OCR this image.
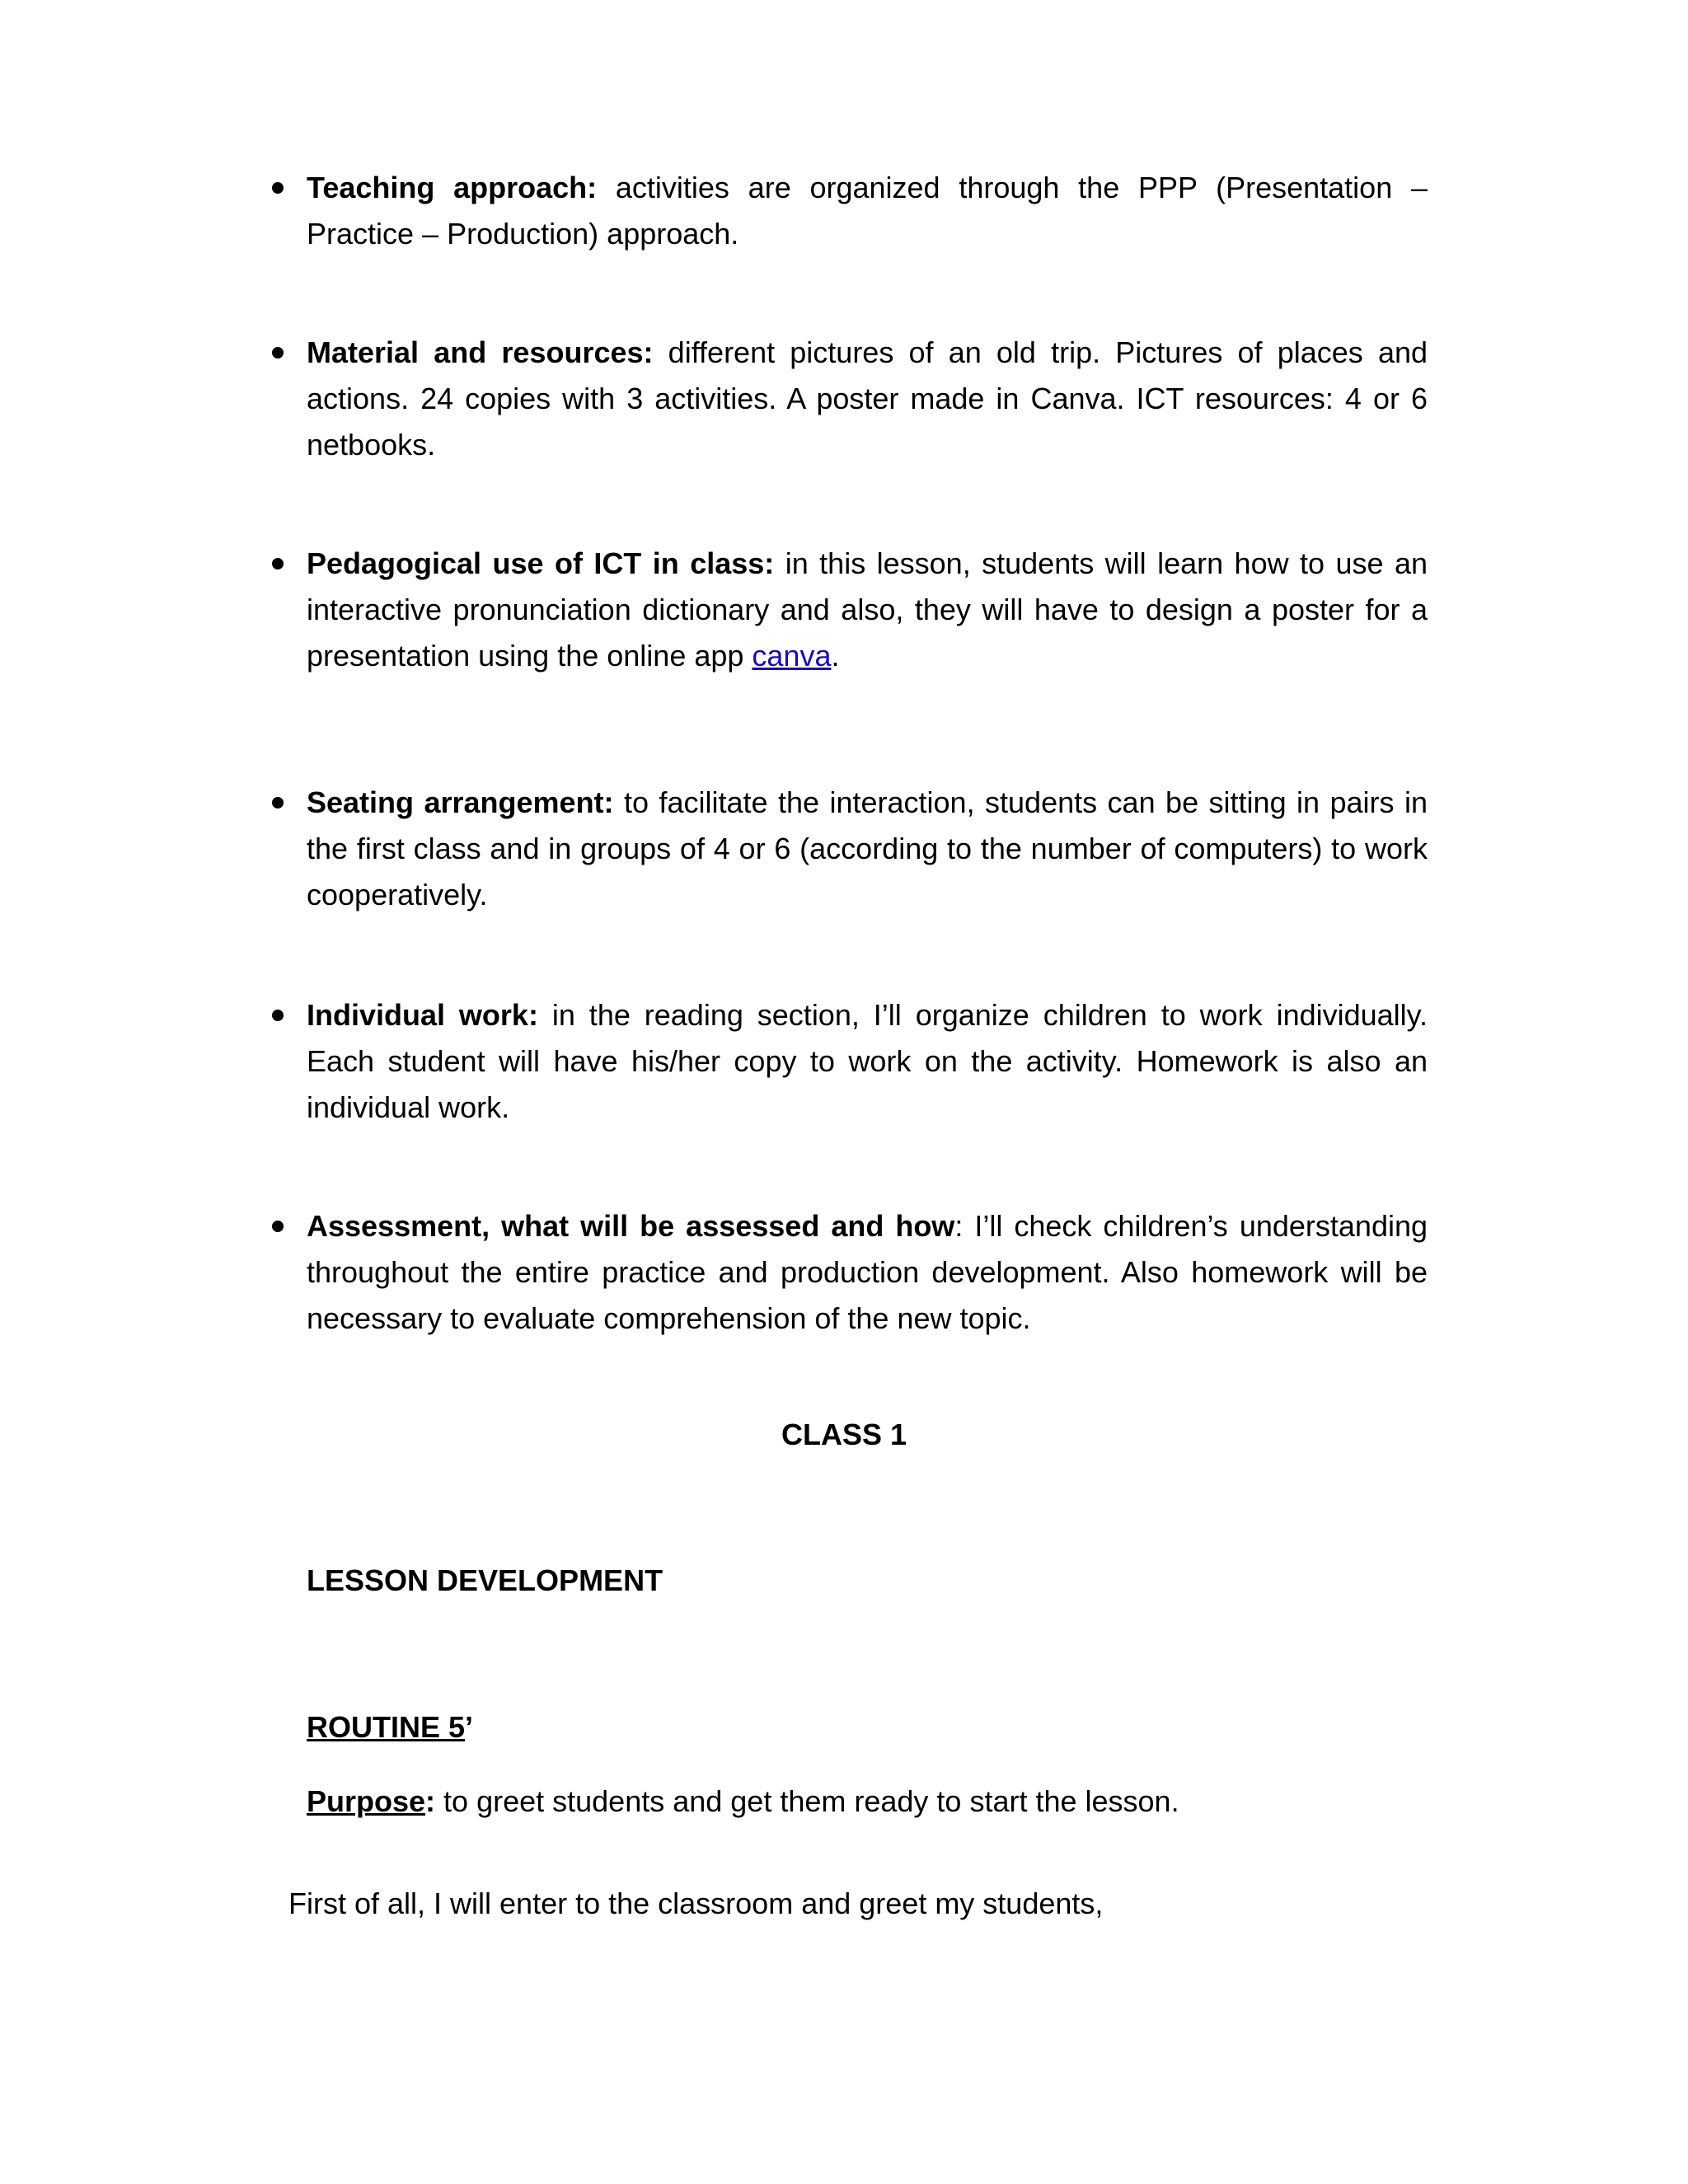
Teaching approach: activities are organized through the PPP (Presentation – Practice – Production) approach.
Material and resources: different pictures of an old trip. Pictures of places and actions. 24 copies with 3 activities. A poster made in Canva. ICT resources: 4 or 6 netbooks.
Pedagogical use of ICT in class: in this lesson, students will learn how to use an interactive pronunciation dictionary and also, they will have to design a poster for a presentation using the online app canva.
Seating arrangement: to facilitate the interaction, students can be sitting in pairs in the first class and in groups of 4 or 6 (according to the number of computers) to work cooperatively.
Individual work: in the reading section, I’ll organize children to work individually. Each student will have his/her copy to work on the activity. Homework is also an individual work.
Assessment, what will be assessed and how: I’ll check children’s understanding throughout the entire practice and production development. Also homework will be necessary to evaluate comprehension of the new topic.
CLASS 1
LESSON DEVELOPMENT
ROUTINE 5’
Purpose: to greet students and get them ready to start the lesson.
First of all, I will enter to the classroom and greet my students,
